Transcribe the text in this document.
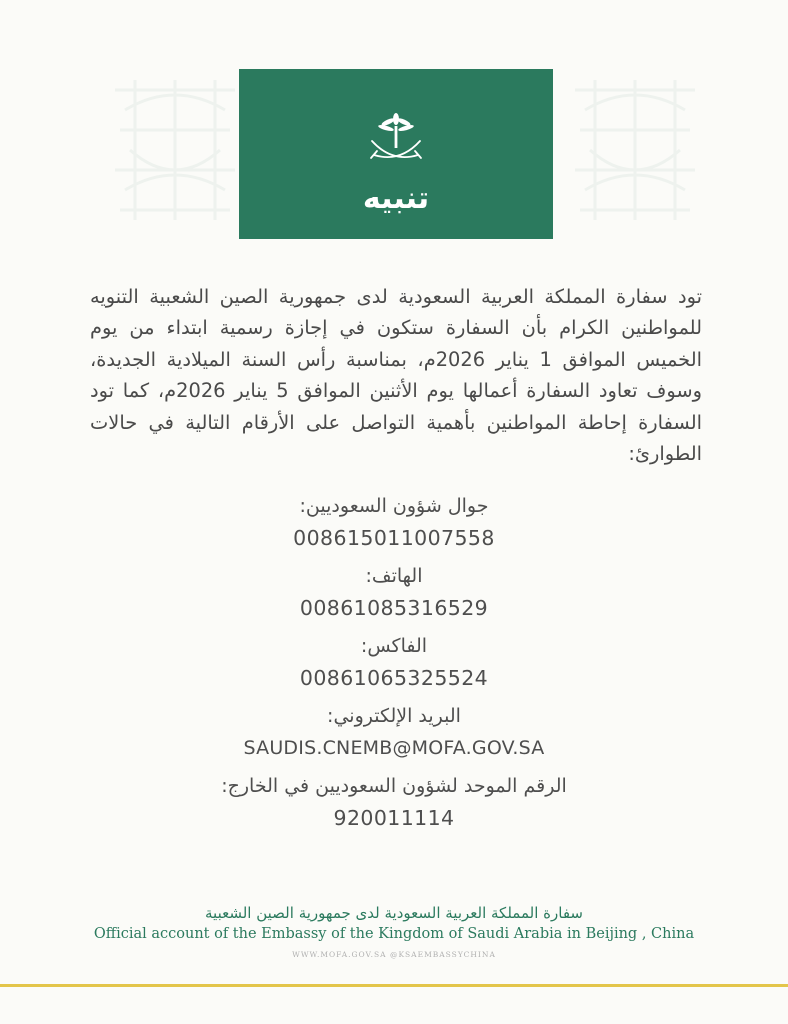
تنبيه
تود سفارة المملكة العربية السعودية لدى جمهورية الصين الشعبية التنويه للمواطنين الكرام بأن السفارة ستكون في إجازة رسمية ابتداء من يوم الخميس الموافق 1 يناير 2026م، بمناسبة رأس السنة الميلادية الجديدة، وسوف تعاود السفارة أعمالها يوم الأثنين الموافق 5 يناير 2026م، كما تود السفارة إحاطة المواطنين بأهمية التواصل على الأرقام التالية في حالات الطوارئ:
جوال شؤون السعوديين:
008615011007558
الهاتف:
00861085316529
الفاكس:
00861065325524
البريد الإلكتروني:
SAUDIS.CNEMB@MOFA.GOV.SA
الرقم الموحد لشؤون السعوديين في الخارج:
920011114
سفارة المملكة العربية السعودية لدى جمهورية الصين الشعبية
Official account of the Embassy of the Kingdom of Saudi Arabia in Beijing , China
WWW.MOFA.GOV.SA @KSAEMBASSYCHINA
